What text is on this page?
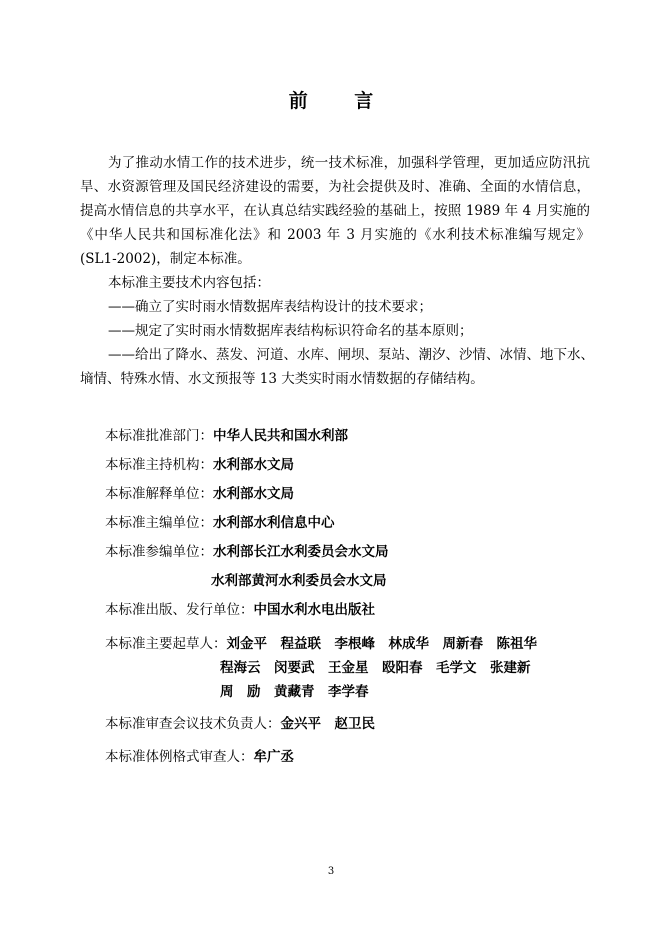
前 言
为了推动水情工作的技术进步，统一技术标准，加强科学管理，更加适应防汛抗旱、水资源管理及国民经济建设的需要，为社会提供及时、准确、全面的水情信息，提高水情信息的共享水平，在认真总结实践经验的基础上，按照 1989 年 4 月实施的《中华人民共和国标准化法》和 2003 年 3 月实施的《水利技术标准编写规定》(SL1-2002)，制定本标准。
本标准主要技术内容包括：
——确立了实时雨水情数据库表结构设计的技术要求；
——规定了实时雨水情数据库表结构标识符命名的基本原则；
——给出了降水、蒸发、河道、水库、闸坝、泵站、潮汐、沙情、冰情、地下水、
墒情、特殊水情、水文预报等 13 大类实时雨水情数据的存储结构。
本标准批准部门：中华人民共和国水利部
本标准主持机构：水利部水文局
本标准解释单位：水利部水文局
本标准主编单位：水利部水利信息中心
本标准参编单位：水利部长江水利委员会水文局
水利部黄河水利委员会水文局
本标准出版、发行单位：中国水利水电出版社
本标准主要起草人：刘金平 程益联 李根峰 林成华 周新春 陈祖华
程海云 闵要武 王金星 殴阳春 毛学文 张建新
周　励 黄藏青 李学春
本标准审查会议技术负责人：金兴平　赵卫民
本标准体例格式审查人：牟广丞
3
